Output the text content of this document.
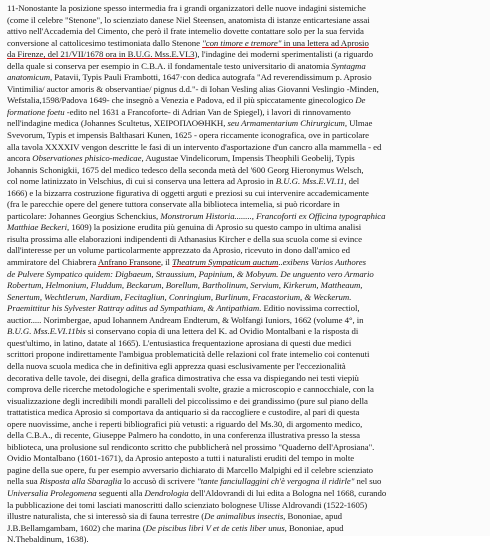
11-Nonostante la posizione spesso intermedia fra i grandi organizzatori delle nuove indagini sistemiche
(come il celebre "Stenone", lo scienziato danese Niel Steensen, anatomista di istanze enticartesiane assai
attivo nell'Accademia del Cimento, che però il frate intemelio dovette contattare solo per la sua fervida
conversione al cattolicesimo testimoniata dallo Stenone "con timore e tremore" in una lettera ad Aprosio
da Firenze, del 21/VII/1678 ora in B.U.G. Mss.E.VI.3), l'indagine dei moderni sperimentalisti (a riguardo
della quale si conserva per esempio in C.B.A. il fondamentale testo universitario di anatomia Syntagma
anatomicum, Patavii, Typis Pauli Frambotti, 1647·con dedica autografa "Ad reverendissimum p. Aprosio
Vintimilia/ auctor amoris & observantiae/ pignus d.d."- di Iohan Vesling alias Giovanni Veslingio -Minden,
Wefstalia,1598/Padova 1649- che insegnò a Venezia e Padova, ed il più spiccatamente ginecologico De
formatione foetu -edito nel 1631 a Francoforte- di Adrian Van de Spiegel), i lavori di rinnovamento
nell'indagine medica (Johannes Scultetus, ΧΕΙΡΟΠΛΟΘΗΚΗ, seu Armamentarium Chirurgicum, Ulmae
Svevorum, Typis et impensis Balthasari Kunen, 1625 - opera riccamente iconografica, ove in particolare
alla tavola XXXXIV vengon descritte le fasi di un intervento d'asportazione d'un cancro alla mammella - ed
ancora Observationes phisico-medicae, Augustae Vindelicorum, Impensis Theophili Geobelij, Typis
Johannis Schonigkii, 1675 del medico tedesco della seconda metà del '600 Georg Hieronymus Welsch,
col nome latinizzato in Velschius, di cui si conserva una lettera ad Aprosio in B.U.G. Mss.E.VI.11, del
1666) e la bizzarra costruzione figurativa di oggetti arguti e preziosi su cui intervenire accademicamente
(fra le parecchie opere del genere tuttora conservate alla biblioteca intemelia, si può ricordare in
particolare: Johannes Georgius Schenckius, Monstrorum Historia........, Francoforti ex Officina typographica
Matthiae Beckeri, 1609) la posizione erudita più genuina di Aprosio su questo campo in ultima analisi
risulta prossima alle elaborazioni indipendenti di Athanasius Kircher e della sua scuola come si evince
dall'interesse per un volume particolarmente apprezzato da Aprosio, ricevuto in dono dall'amico ed
ammiratore del Chiabrera Anfrano Fransone, il Theatrum Sympaticum auctum..exibens Varios Authores
de Pulvere Sympatico quidem: Digbaeum, Straussium, Papinium, & Mobyum. De unguento vero Armario
Robertum, Helmonium, Fluddum, Beckarum, Borellum, Bartholinum, Servium, Kirkerum, Mattheaum,
Senertum, Wechtlerum, Nardium, Fecitagliun, Conringium, Burlinum, Fracastorium, & Weckerum.
Praemittitur his Sylvester Rattray aditus ad Sympathiam, & Antipathiam. Editio novissima correctiol,
auctior..... Norimbergae, apud Iohannem Andream Endterum, & Wolfangi Iuniors, 1662 (volume 4°, in
B.U.G. Mss.E.VI.11bis si conservano copia di una lettera del K. ad Ovidio Montalbani e la risposta di
quest'ultimo, in latino, datate al 1665). L'entusiastica frequentazione aprosiana di questi due medici
scrittori propone indirettamente l'ambigua problematicità delle relazioni col frate intemelio coi contenuti
della nuova scuola medica che in definitiva egli apprezza quasi esclusivamente per l'eccezionalità
decorativa delle tavole, dei disegni, della grafica dimostrativa che essa va dispiegando nei testi viepiù
comprova delle ricerche metodologiche e sperimentali svolte, grazie a microscopio e cannocchiale, con la
visualizzazione degli incredibili mondi paralleli del piccolissimo e dei grandissimo (pure sul piano della
trattatistica medica Aprosio si comportava da antiquario sì da raccogliere e custodire, al pari di questa
opere nuovissime, anche i reperti bibliografici più vetusti: a riguardo del Ms.30, di argomento medico,
della C.B.A., di recente, Giuseppe Palmero ha condotto, in una conferenza illustrativa presso la stessa
biblioteca, una prolusione sul rendiconto scritto che pubblicherà nel prossimo "Quaderno dell'Aprosiana".
Ovidio Montalbano (1601-1671), da Aprosio anteposto a tutti i naturalisti eruditi del tempo in molte
pagine della sue opere, fu per esempio avversario dichiarato di Marcello Malpighi ed il celebre scienziato
nella sua Risposta alla Sbaraglia lo accusò di scrivere "tante fanciullaggini ch'è vergogna il ridirle" nel suo
Universalia Prolegomena seguenti alla Dendrologia dell'Aldovrandi di lui edita a Bologna nel 1668, curando
la pubblicazione dei tomi lasciati manoscritti dallo scienziato bolognese Ulisse Aldrovandi (1522-1605)
illustre naturalista, che si interessò sia di fauna terrestre (De animalibus insectis, Bononiae, apud
J.B.Bellamgambam, 1602) che marina (De piscibus libri V et de cetis liber unus, Bononiae, apud
N.Thebaldinum, 1638).
